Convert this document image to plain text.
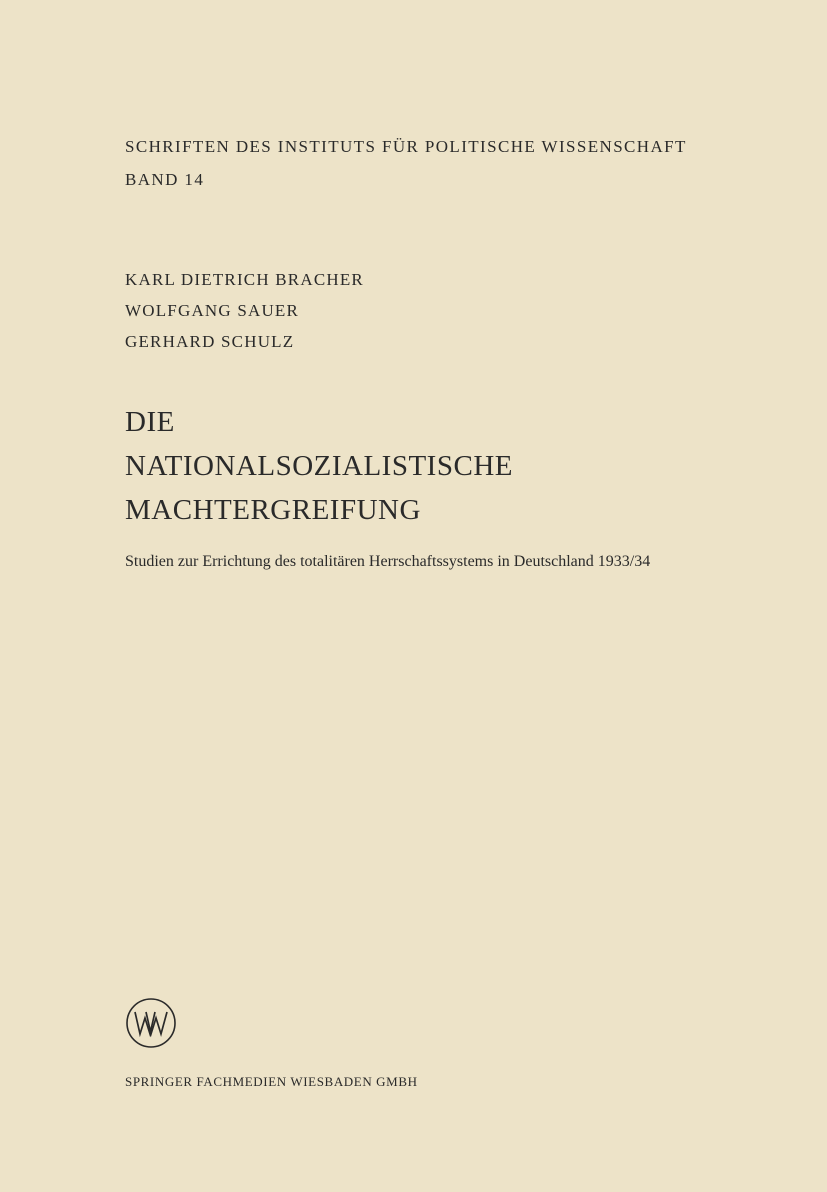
SCHRIFTEN DES INSTITUTS FÜR POLITISCHE WISSENSCHAFT
BAND 14
KARL DIETRICH BRACHER
WOLFGANG SAUER
GERHARD SCHULZ
DIE
NATIONALSOZIALISTISCHE
MACHTERGREIFUNG
Studien zur Errichtung des totalitären Herrschaftssystems in Deutschland 1933/34
SPRINGER FACHMEDIEN WIESBADEN GMBH
